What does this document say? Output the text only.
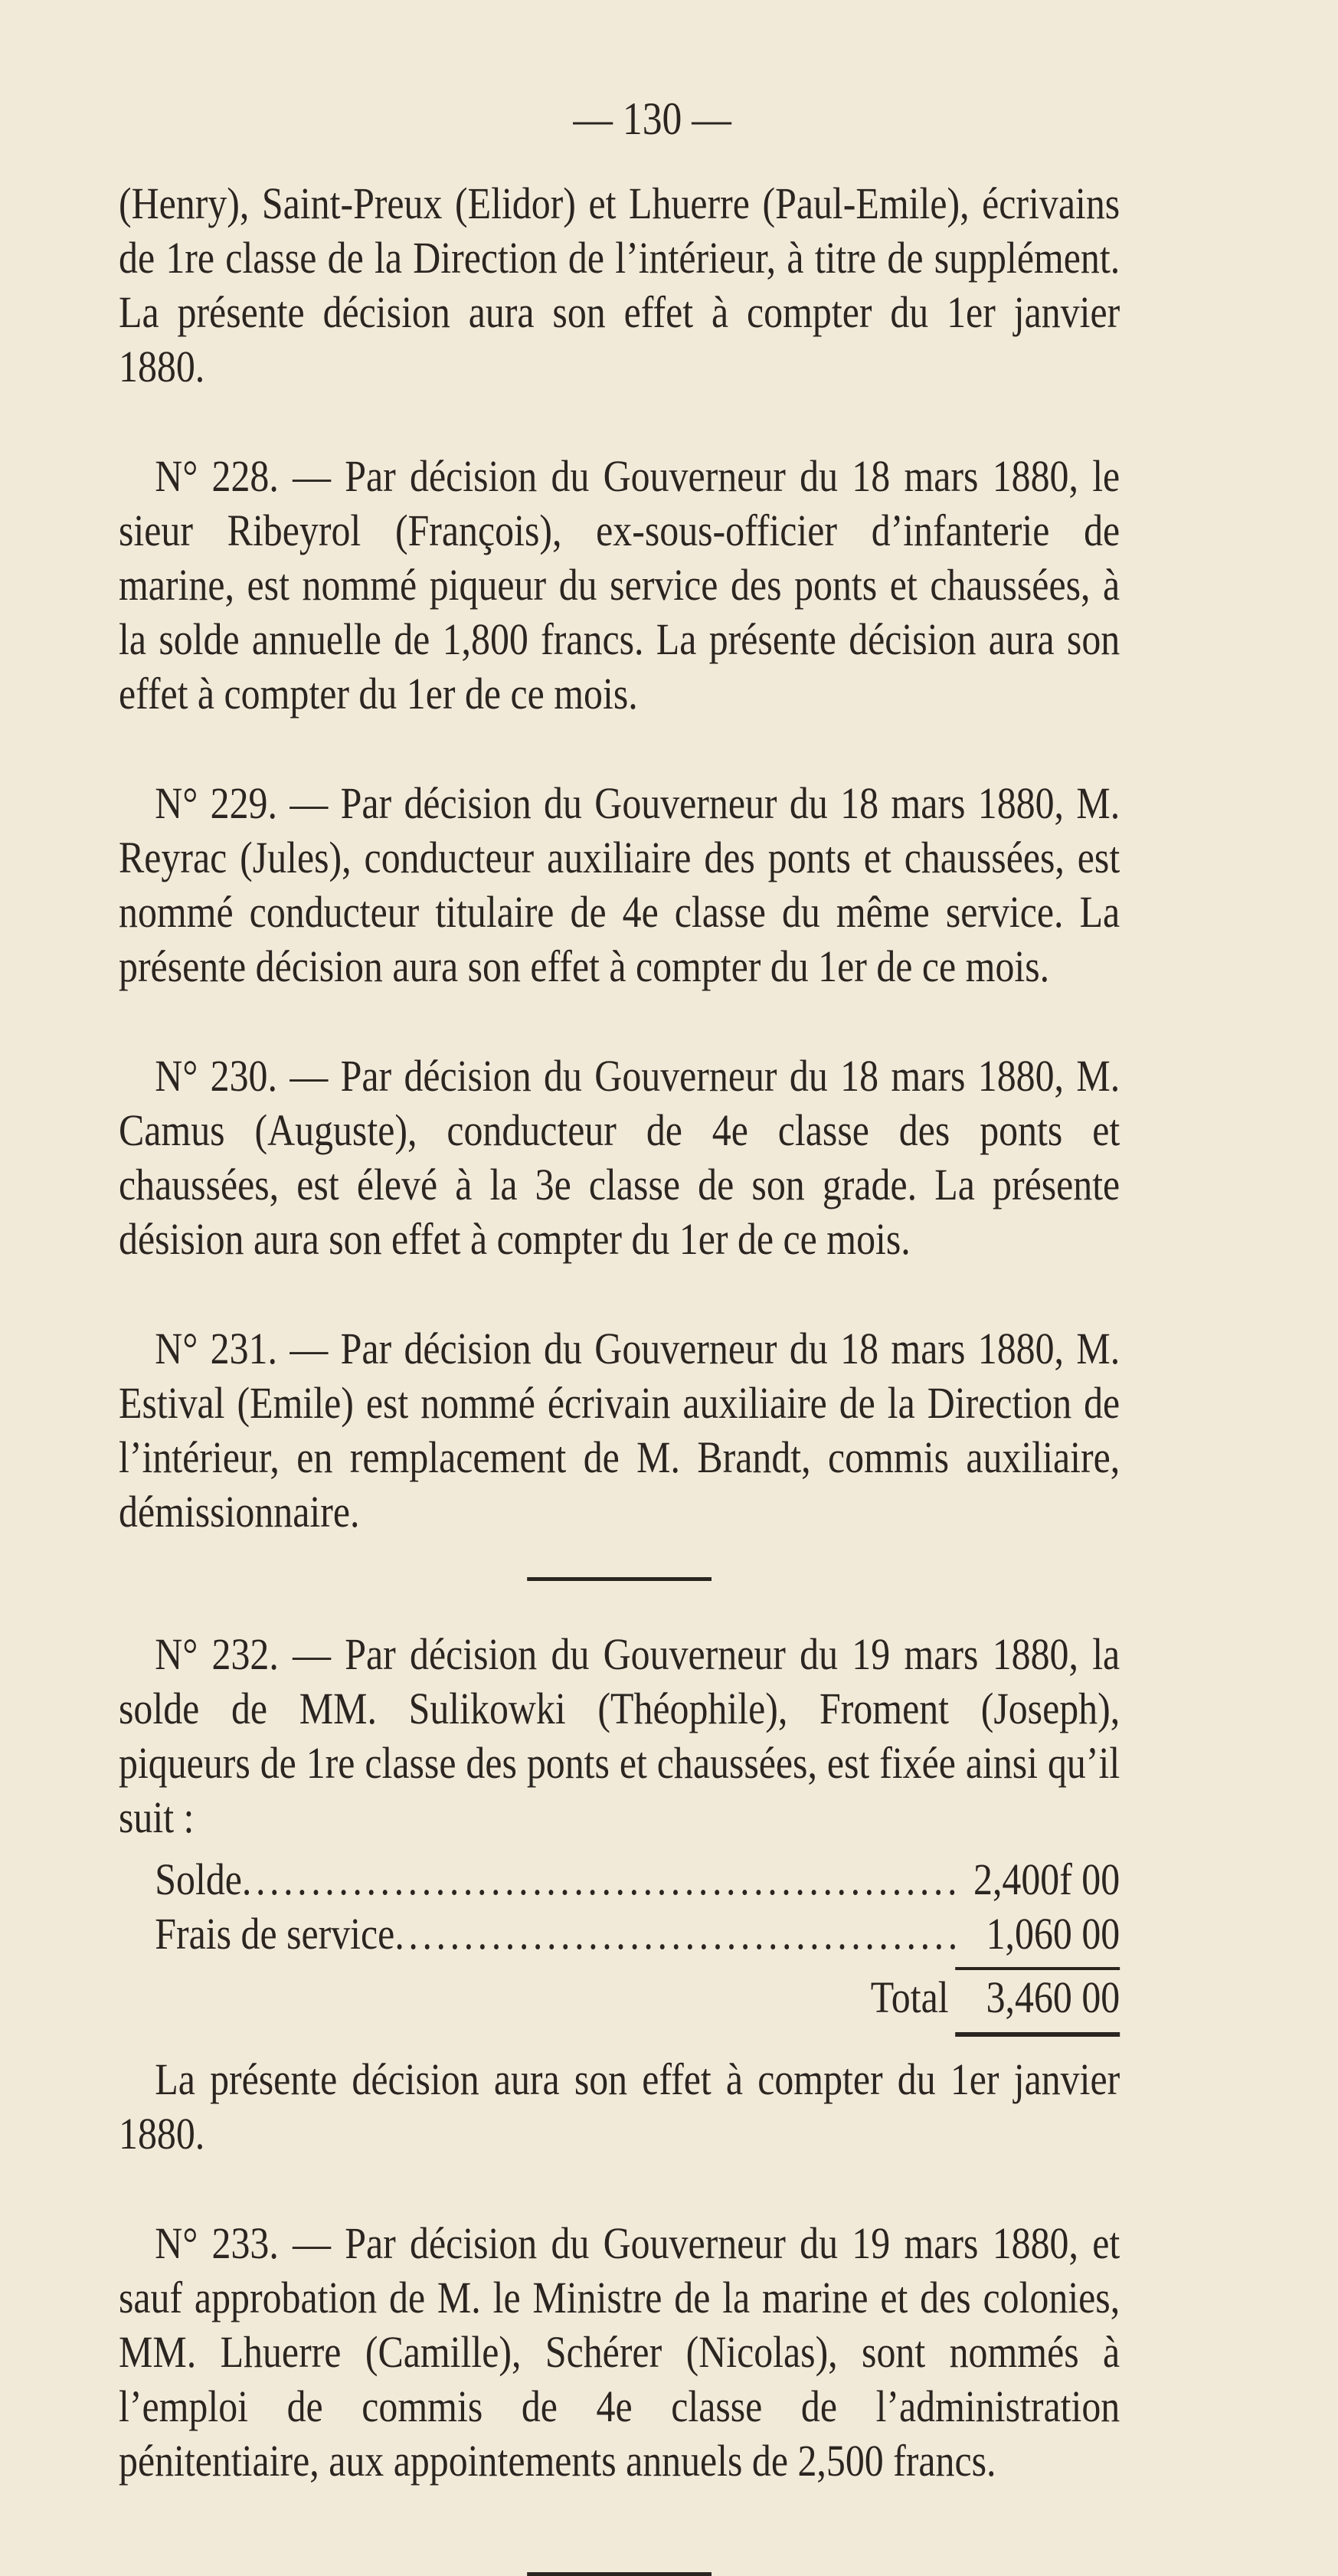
— 130 —

(Henry), Saint-Preux (Elidor) et Lhuerre (Paul-Emile), écrivains de 1re classe de la Direction de l’intérieur, à titre de supplément. La présente décision aura son effet à compter du 1er janvier 1880.

N° 228. — Par décision du Gouverneur du 18 mars 1880, le sieur Ribeyrol (François), ex-sous-officier d’infanterie de marine, est nommé piqueur du service des ponts et chaussées, à la solde annuelle de 1,800 francs. La présente décision aura son effet à compter du 1er de ce mois.

N° 229. — Par décision du Gouverneur du 18 mars 1880, M. Reyrac (Jules), conducteur auxiliaire des ponts et chaussées, est nommé conducteur titulaire de 4e classe du même service. La présente décision aura son effet à compter du 1er de ce mois.

N° 230. — Par décision du Gouverneur du 18 mars 1880, M. Camus (Auguste), conducteur de 4e classe des ponts et chaussées, est élevé à la 3e classe de son grade. La présente désision aura son effet à compter du 1er de ce mois.

N° 231. — Par décision du Gouverneur du 18 mars 1880, M. Estival (Emile) est nommé écrivain auxiliaire de la Direction de l’intérieur, en remplacement de M. Brandt, commis auxiliaire, démissionnaire.

N° 232. — Par décision du Gouverneur du 19 mars 1880, la solde de MM. Sulikowki (Théophile), Froment (Joseph), piqueurs de 1re classe des ponts et chaussées, est fixée ainsi qu’il suit :

Solde . . .	2,400f 00
Frais de service . . .	1,060 00
Total 3,460 00

La présente décision aura son effet à compter du 1er janvier 1880.

N° 233. — Par décision du Gouverneur du 19 mars 1880, et sauf approbation de M. le Ministre de la marine et des colonies, MM. Lhuerre (Camille), Schérer (Nicolas), sont nommés à l’emploi de commis de 4e classe de l’administration pénitentiaire, aux appointements annuels de 2,500 francs.
